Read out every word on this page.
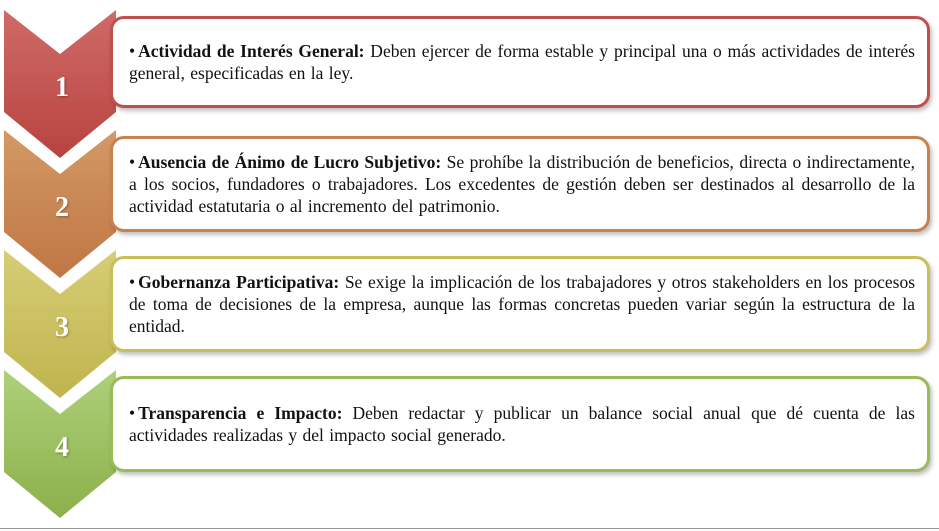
1
2
3
4
• Actividad de Interés General: Deben ejercer de forma estable y principal una o más actividades de interés general, especificadas en la ley.
• Ausencia de Ánimo de Lucro Subjetivo: Se prohíbe la distribución de beneficios, directa o indirectamente, a los socios, fundadores o trabajadores. Los excedentes de gestión deben ser destinados al desarrollo de la actividad estatutaria o al incremento del patrimonio.
• Gobernanza Participativa: Se exige la implicación de los trabajadores y otros stakeholders en los procesos de toma de decisiones de la empresa, aunque las formas concretas pueden variar según la estructura de la entidad.
• Transparencia e Impacto: Deben redactar y publicar un balance social anual que dé cuenta de las actividades realizadas y del impacto social generado.
